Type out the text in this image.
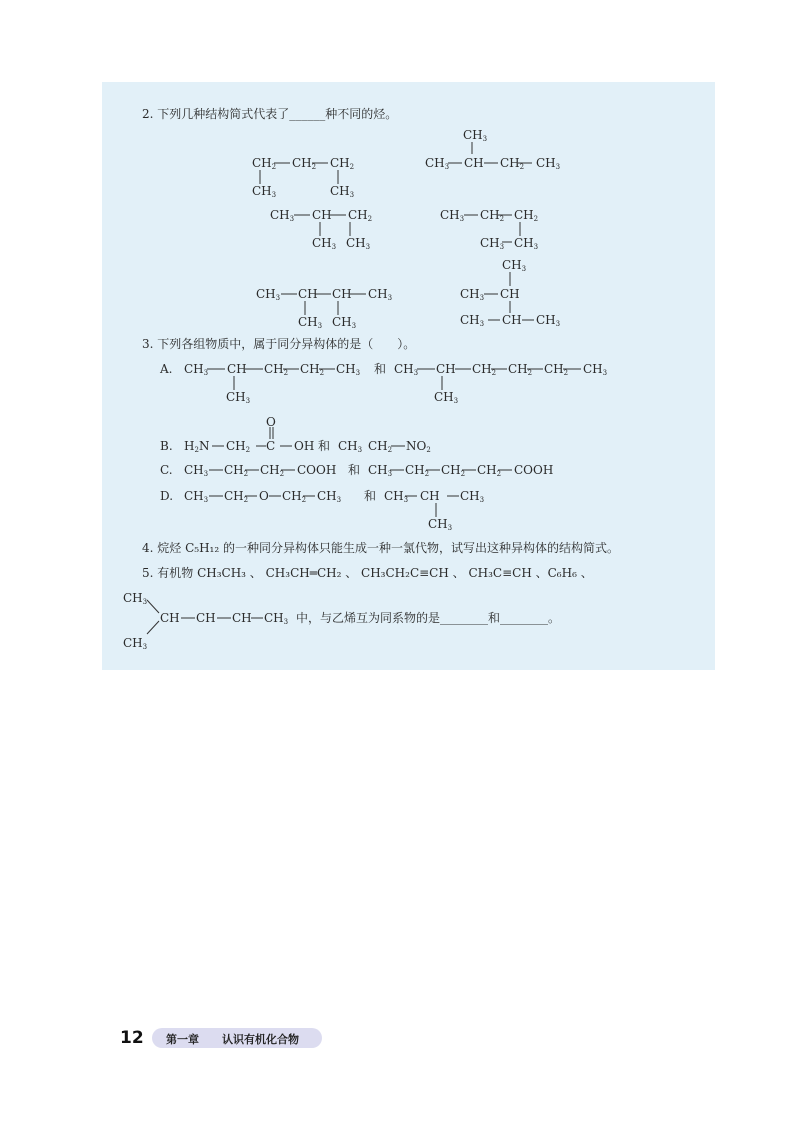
2. 下列几种结构简式代表了______种不同的烃。
$CH_2$ $CH_2$ $CH_2$
$CH_3$	$CH_3$
$CH_3$
$CH_3$ CH $CH_2$ $CH_3$
$CH_3$ CH $CH_2$
$CH_3$ $CH_3$
$CH_3$ $CH_2$ $CH_2$
$CH_3$ $CH_3$
$CH_3$ CH CH $CH_3$
$CH_3$ $CH_3$
$CH_3$
$CH_3$ CH
$CH_3$ CH $CH_3$
3. 下列各组物质中，属于同分异构体的是（　　）。
A. $CH_3$ CH $CH_2$ $CH_2$ $CH_3$ 和 $CH_3$ CH $CH_2$ $CH_2$ $CH_2$ $CH_3$
$CH_3$	$CH_3$
O
B. $H_2N$ $CH_2$ C OH 和 $CH_3$ $CH_2$ $NO_2$
C. $CH_3$ $CH_2$ $CH_2$ COOH 和 $CH_3$ $CH_2$ $CH_2$ $CH_2$ COOH
D. $CH_3$ $CH_2$ O $CH_2$ $CH_3$ 和 $CH_3$ CH $CH_3$
$CH_3$
4. 烷烃 C₅H₁₂ 的一种同分异构体只能生成一种一氯代物，试写出这种异构体的结构简式。
5. 有机物 CH₃CH₃ 、 CH₃CH═CH₂ 、 CH₃CH₂C≡CH 、 CH₃C≡CH 、C₆H₆ 、
$CH_3$
CH CH CH $CH_3$
$CH_3$
中，与乙烯互为同系物的是________和________。
12 第一章 认识有机化合物
